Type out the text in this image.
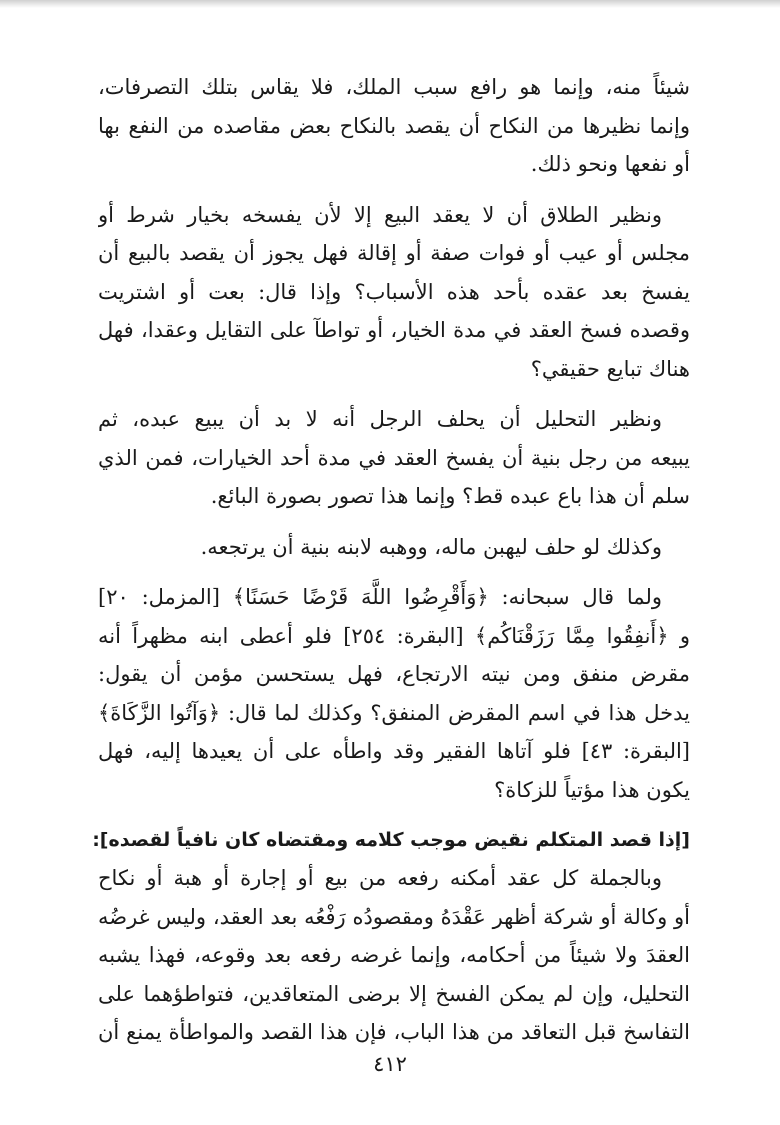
شيئاً منه، وإنما هو رافع سبب الملك، فلا يقاس بتلك التصرفات،
وإنما نظيرها من النكاح أن يقصد بالنكاح بعض مقاصده من النفع بها
أو نفعها ونحو ذلك.
ونظير الطلاق أن لا يعقد البيع إلا لأن يفسخه بخيار شرط أو
مجلس أو عيب أو فوات صفة أو إقالة فهل يجوز أن يقصد بالبيع أن
يفسخ بعد عقده بأحد هذه الأسباب؟ وإذا قال: بعت أو اشتريت
وقصده فسخ العقد في مدة الخيار، أو تواطآ على التقايل وعقدا، فهل
هناك تبايع حقيقي؟
ونظير التحليل أن يحلف الرجل أنه لا بد أن يبيع عبده، ثم
يبيعه من رجل بنية أن يفسخ العقد في مدة أحد الخيارات، فمن الذي
سلم أن هذا باع عبده قط؟ وإنما هذا تصور بصورة البائع.
وكذلك لو حلف ليهبن ماله، ووهبه لابنه بنية أن يرتجعه.
ولما قال سبحانه: ﴿وَأَقْرِضُوا اللَّهَ قَرْضًا حَسَنًا﴾ [المزمل: ٢٠]
و ﴿أَنفِقُوا مِمَّا رَزَقْنَاكُم﴾ [البقرة: ٢٥٤] فلو أعطى ابنه مظهراً أنه
مقرض منفق ومن نيته الارتجاع، فهل يستحسن مؤمن أن يقول:
يدخل هذا في اسم المقرض المنفق؟ وكذلك لما قال: ﴿وَآتُوا الزَّكَاةَ﴾
[البقرة: ٤٣] فلو آتاها الفقير وقد واطأه على أن يعيدها إليه، فهل
يكون هذا مؤتياً للزكاة؟
[إذا قصد المتكلم نقيض موجب كلامه ومقتضاه كان نافياً لقصده]:
وبالجملة كل عقد أمكنه رفعه من بيع أو إجارة أو هبة أو نكاح
أو وكالة أو شركة أظهر عَقْدَهُ ومقصودُه رَفْعُه بعد العقد، وليس غرضُه
العقدَ ولا شيئاً من أحكامه، وإنما غرضه رفعه بعد وقوعه، فهذا يشبه
التحليل، وإن لم يمكن الفسخ إلا برضى المتعاقدين، فتواطؤهما على
التفاسخ قبل التعاقد من هذا الباب، فإن هذا القصد والمواطأة يمنع أن
٤١٢
